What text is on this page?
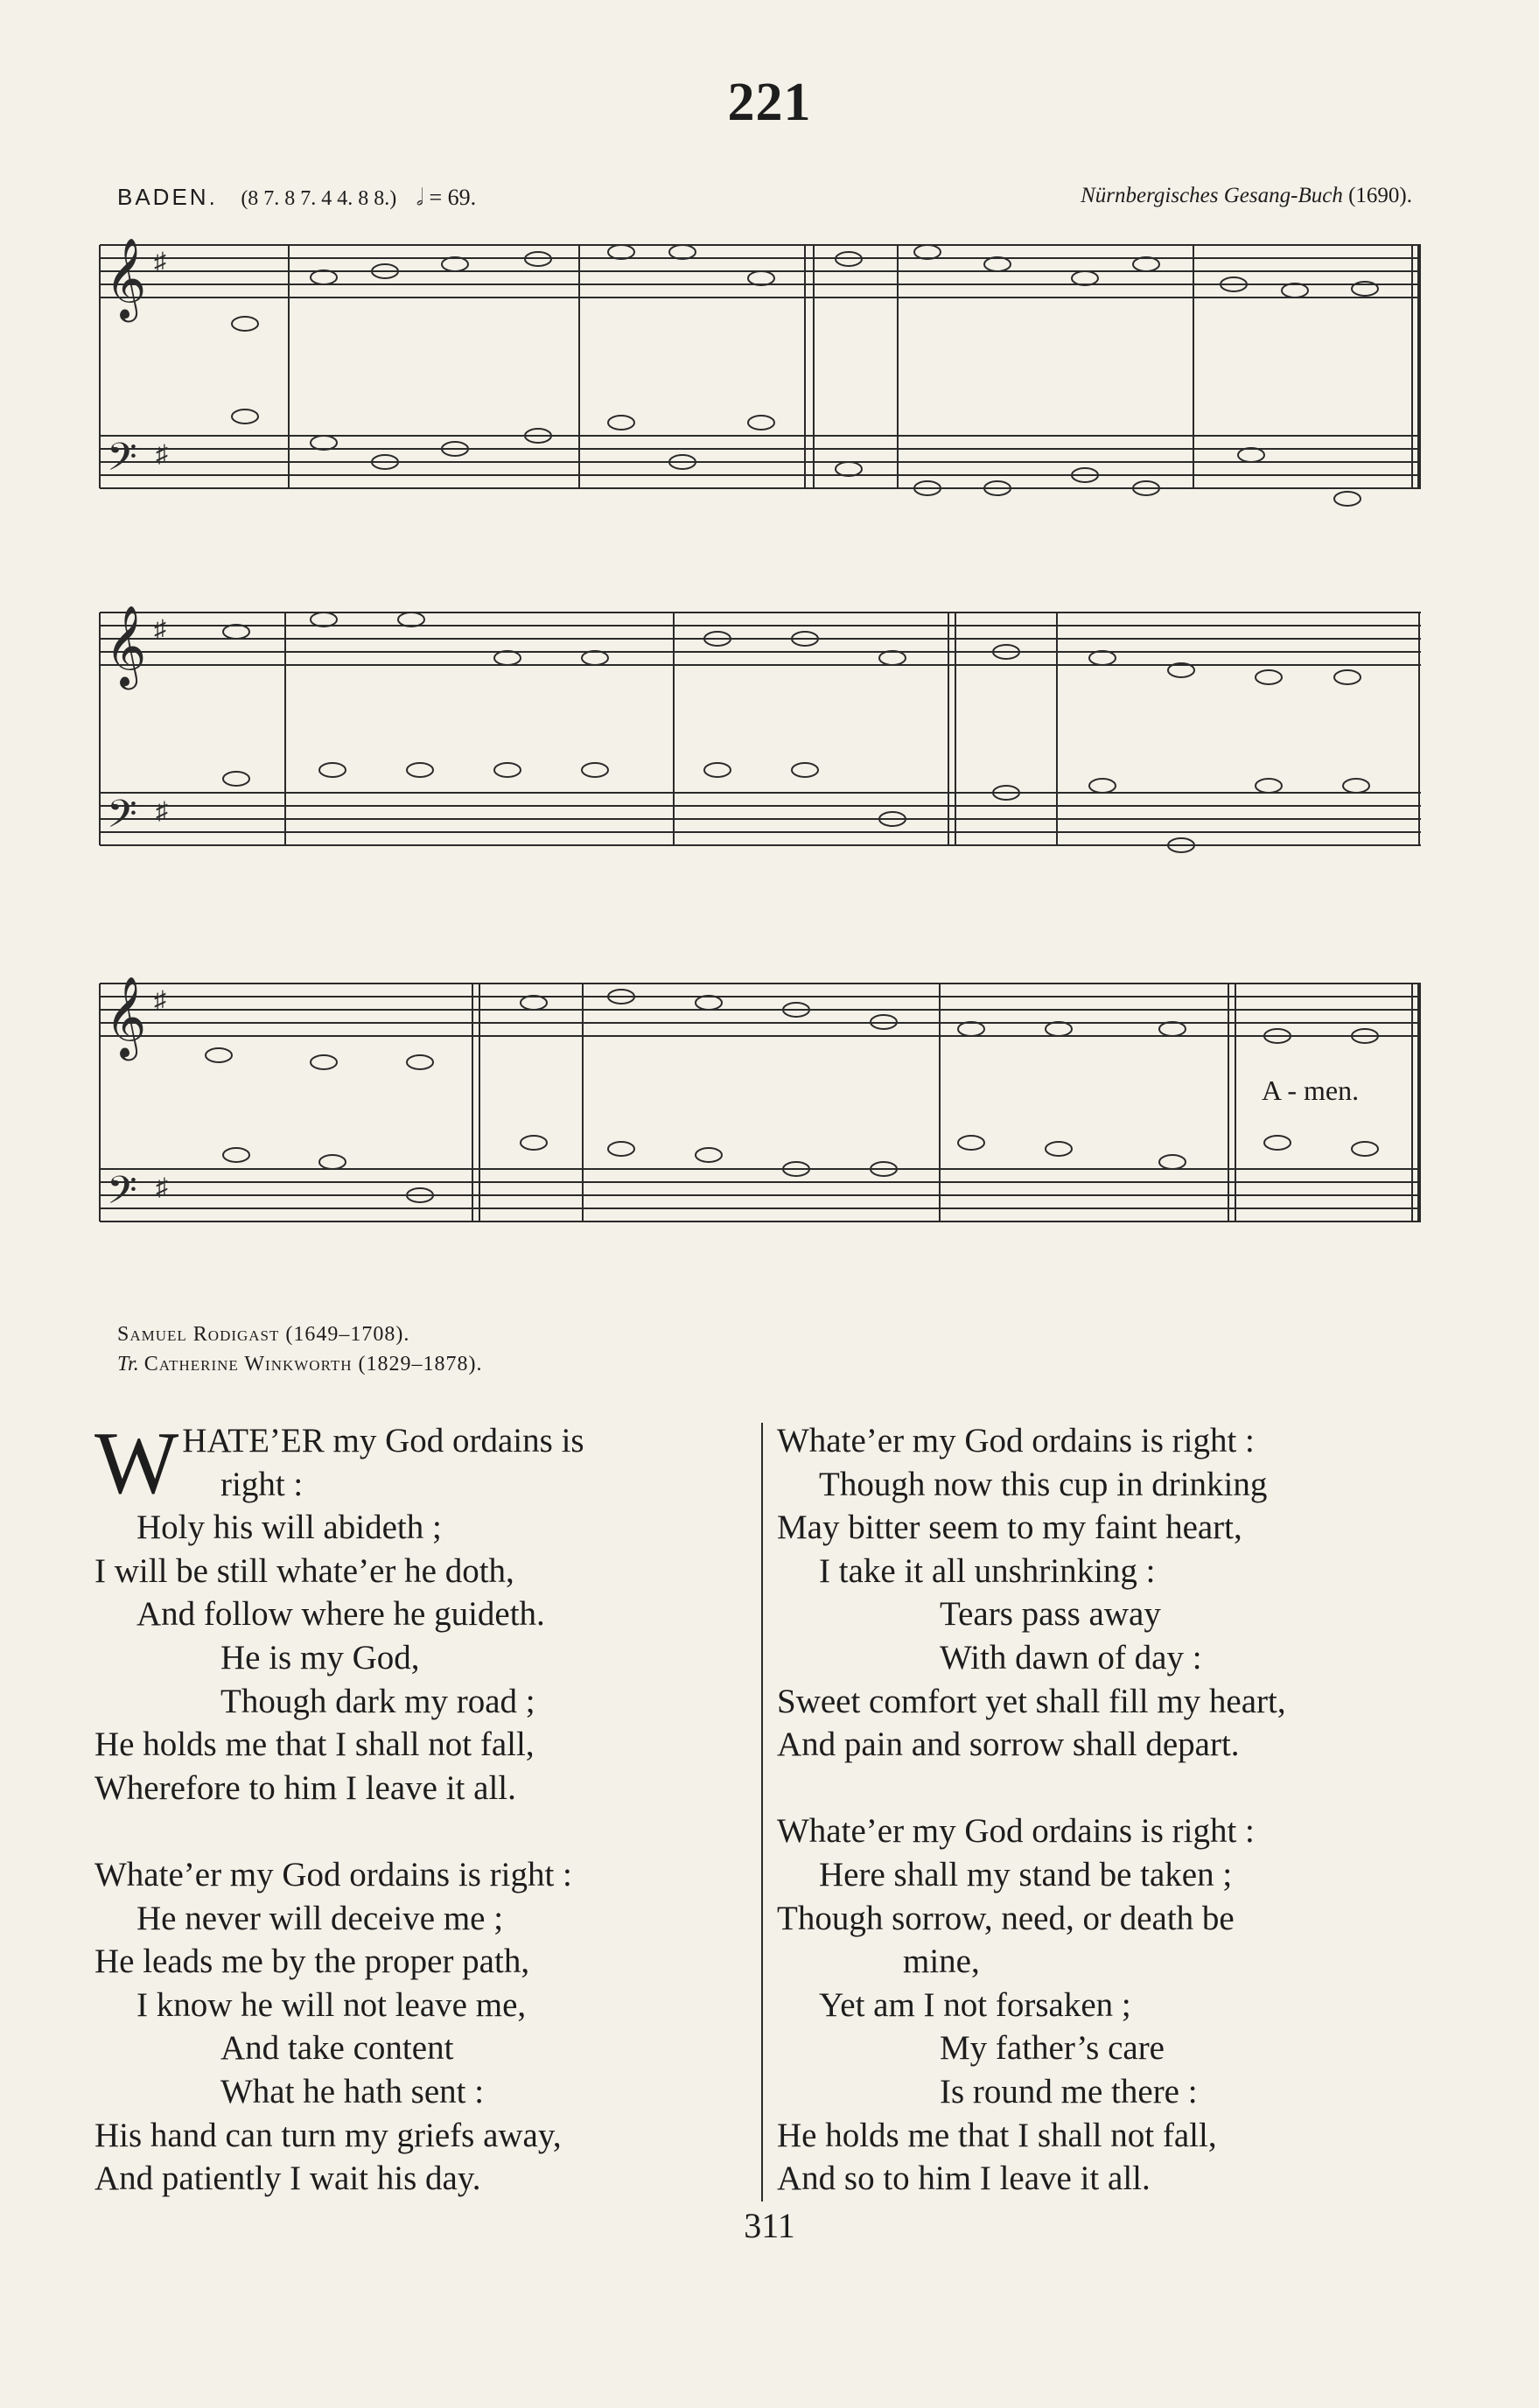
221
BADEN. (8 7. 8 7. 4 4. 8 8.) 𝅗𝅥 = 69.	Nürnbergisches Gesang-Buch (1690).
𝄞
𝄢
♯
♯
𝄞
𝄢
♯
♯
𝄞
𝄢
♯
♯
A - men.
Samuel Rodigast (1649–1708).
Tr. Catherine Winkworth (1829–1878).
WHATE’ER my God ordains is
right :
Holy his will abideth ;
I will be still whate’er he doth,
And follow where he guideth.
He is my God,
Though dark my road ;
He holds me that I shall not fall,
Wherefore to him I leave it all.
Whate’er my God ordains is right :
He never will deceive me ;
He leads me by the proper path,
I know he will not leave me,
And take content
What he hath sent :
His hand can turn my griefs away,
And patiently I wait his day.
Whate’er my God ordains is right :
Though now this cup in drinking
May bitter seem to my faint heart,
I take it all unshrinking :
Tears pass away
With dawn of day :
Sweet comfort yet shall fill my heart,
And pain and sorrow shall depart.
Whate’er my God ordains is right :
Here shall my stand be taken ;
Though sorrow, need, or death be
mine,
Yet am I not forsaken ;
My father’s care
Is round me there :
He holds me that I shall not fall,
And so to him I leave it all.
311
